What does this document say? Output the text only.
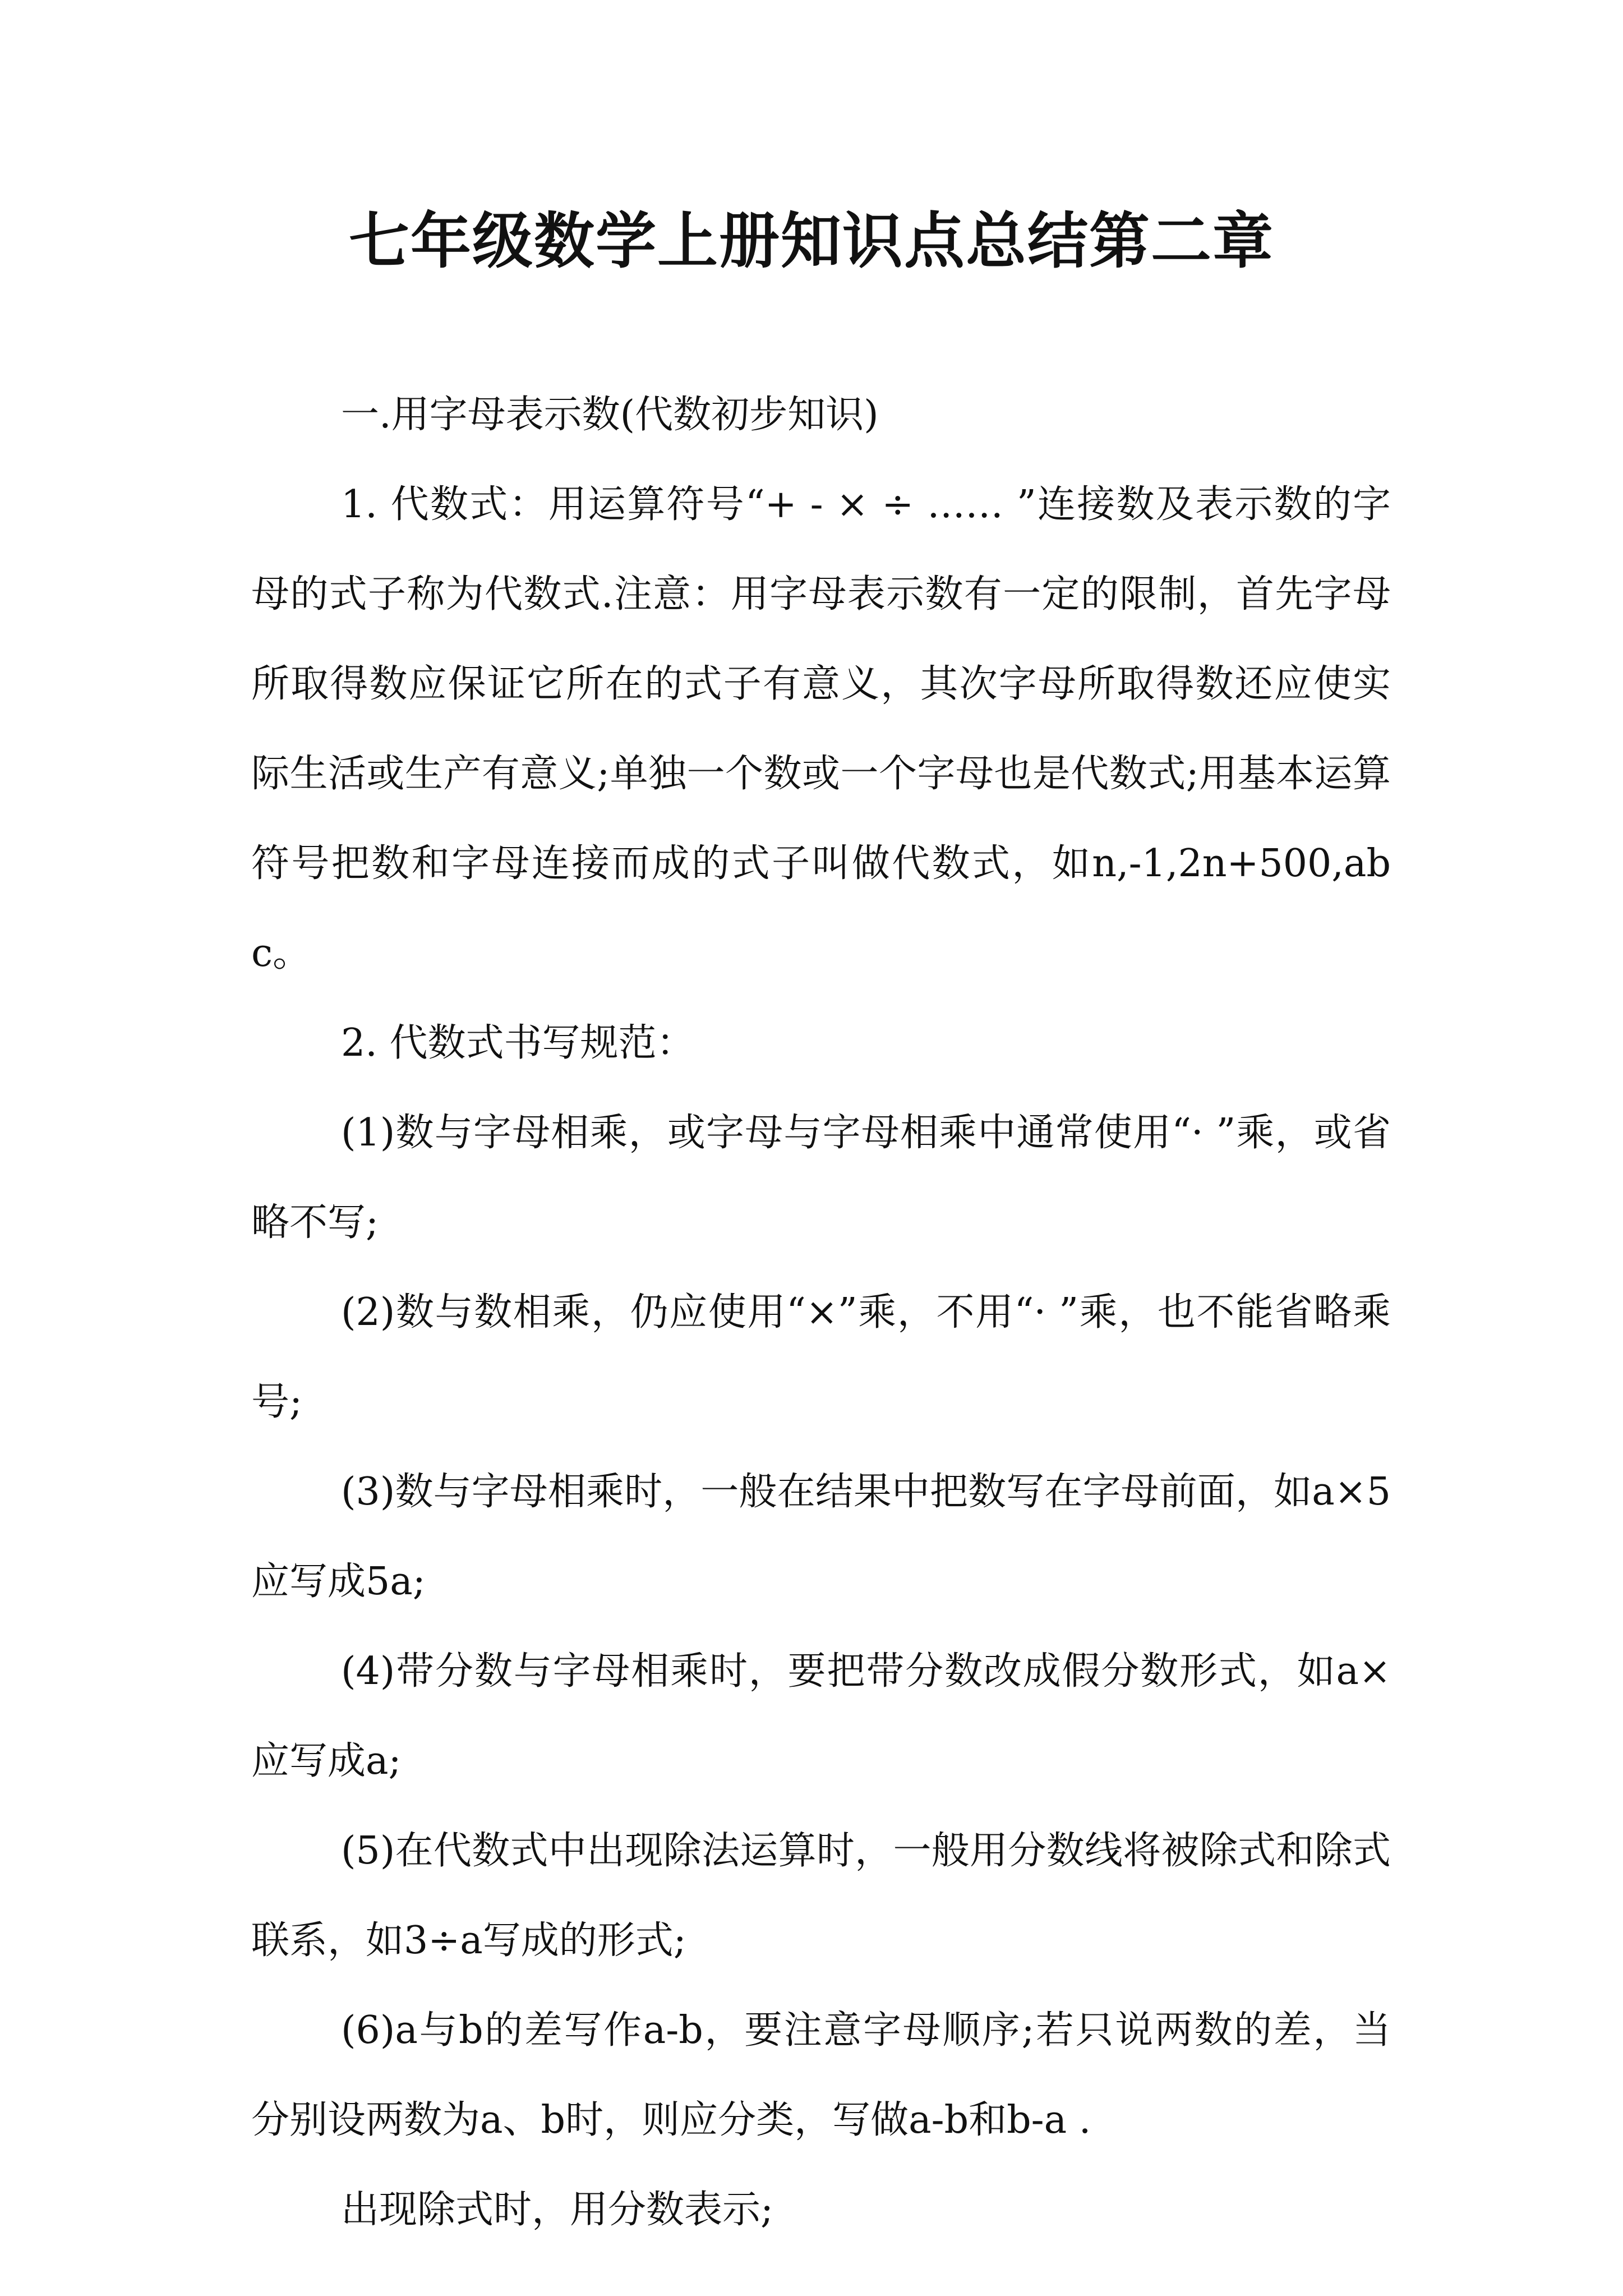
七年级数学上册知识点总结第二章

一.用字母表示数(代数初步知识)

1. 代数式：用运算符号“+ - × ÷ …… ”连接数及表示数的字母的式子称为代数式.注意：用字母表示数有一定的限制，首先字母所取得数应保证它所在的式子有意义，其次字母所取得数还应使实际生活或生产有意义;单独一个数或一个字母也是代数式;用基本运算符号把数和字母连接而成的式子叫做代数式，如n,-1,2n+500,abc。

2. 代数式书写规范：

(1)数与字母相乘，或字母与字母相乘中通常使用“· ”乘，或省略不写;

(2)数与数相乘，仍应使用“×”乘，不用“· ”乘，也不能省略乘号;

(3)数与字母相乘时，一般在结果中把数写在字母前面，如a×5应写成5a;

(4)带分数与字母相乘时，要把带分数改成假分数形式，如a×应写成a;

(5)在代数式中出现除法运算时，一般用分数线将被除式和除式联系，如3÷a写成的形式;

(6)a与b的差写作a-b，要注意字母顺序;若只说两数的差，当分别设两数为a、b时，则应分类，写做a-b和b-a .

出现除式时，用分数表示;
